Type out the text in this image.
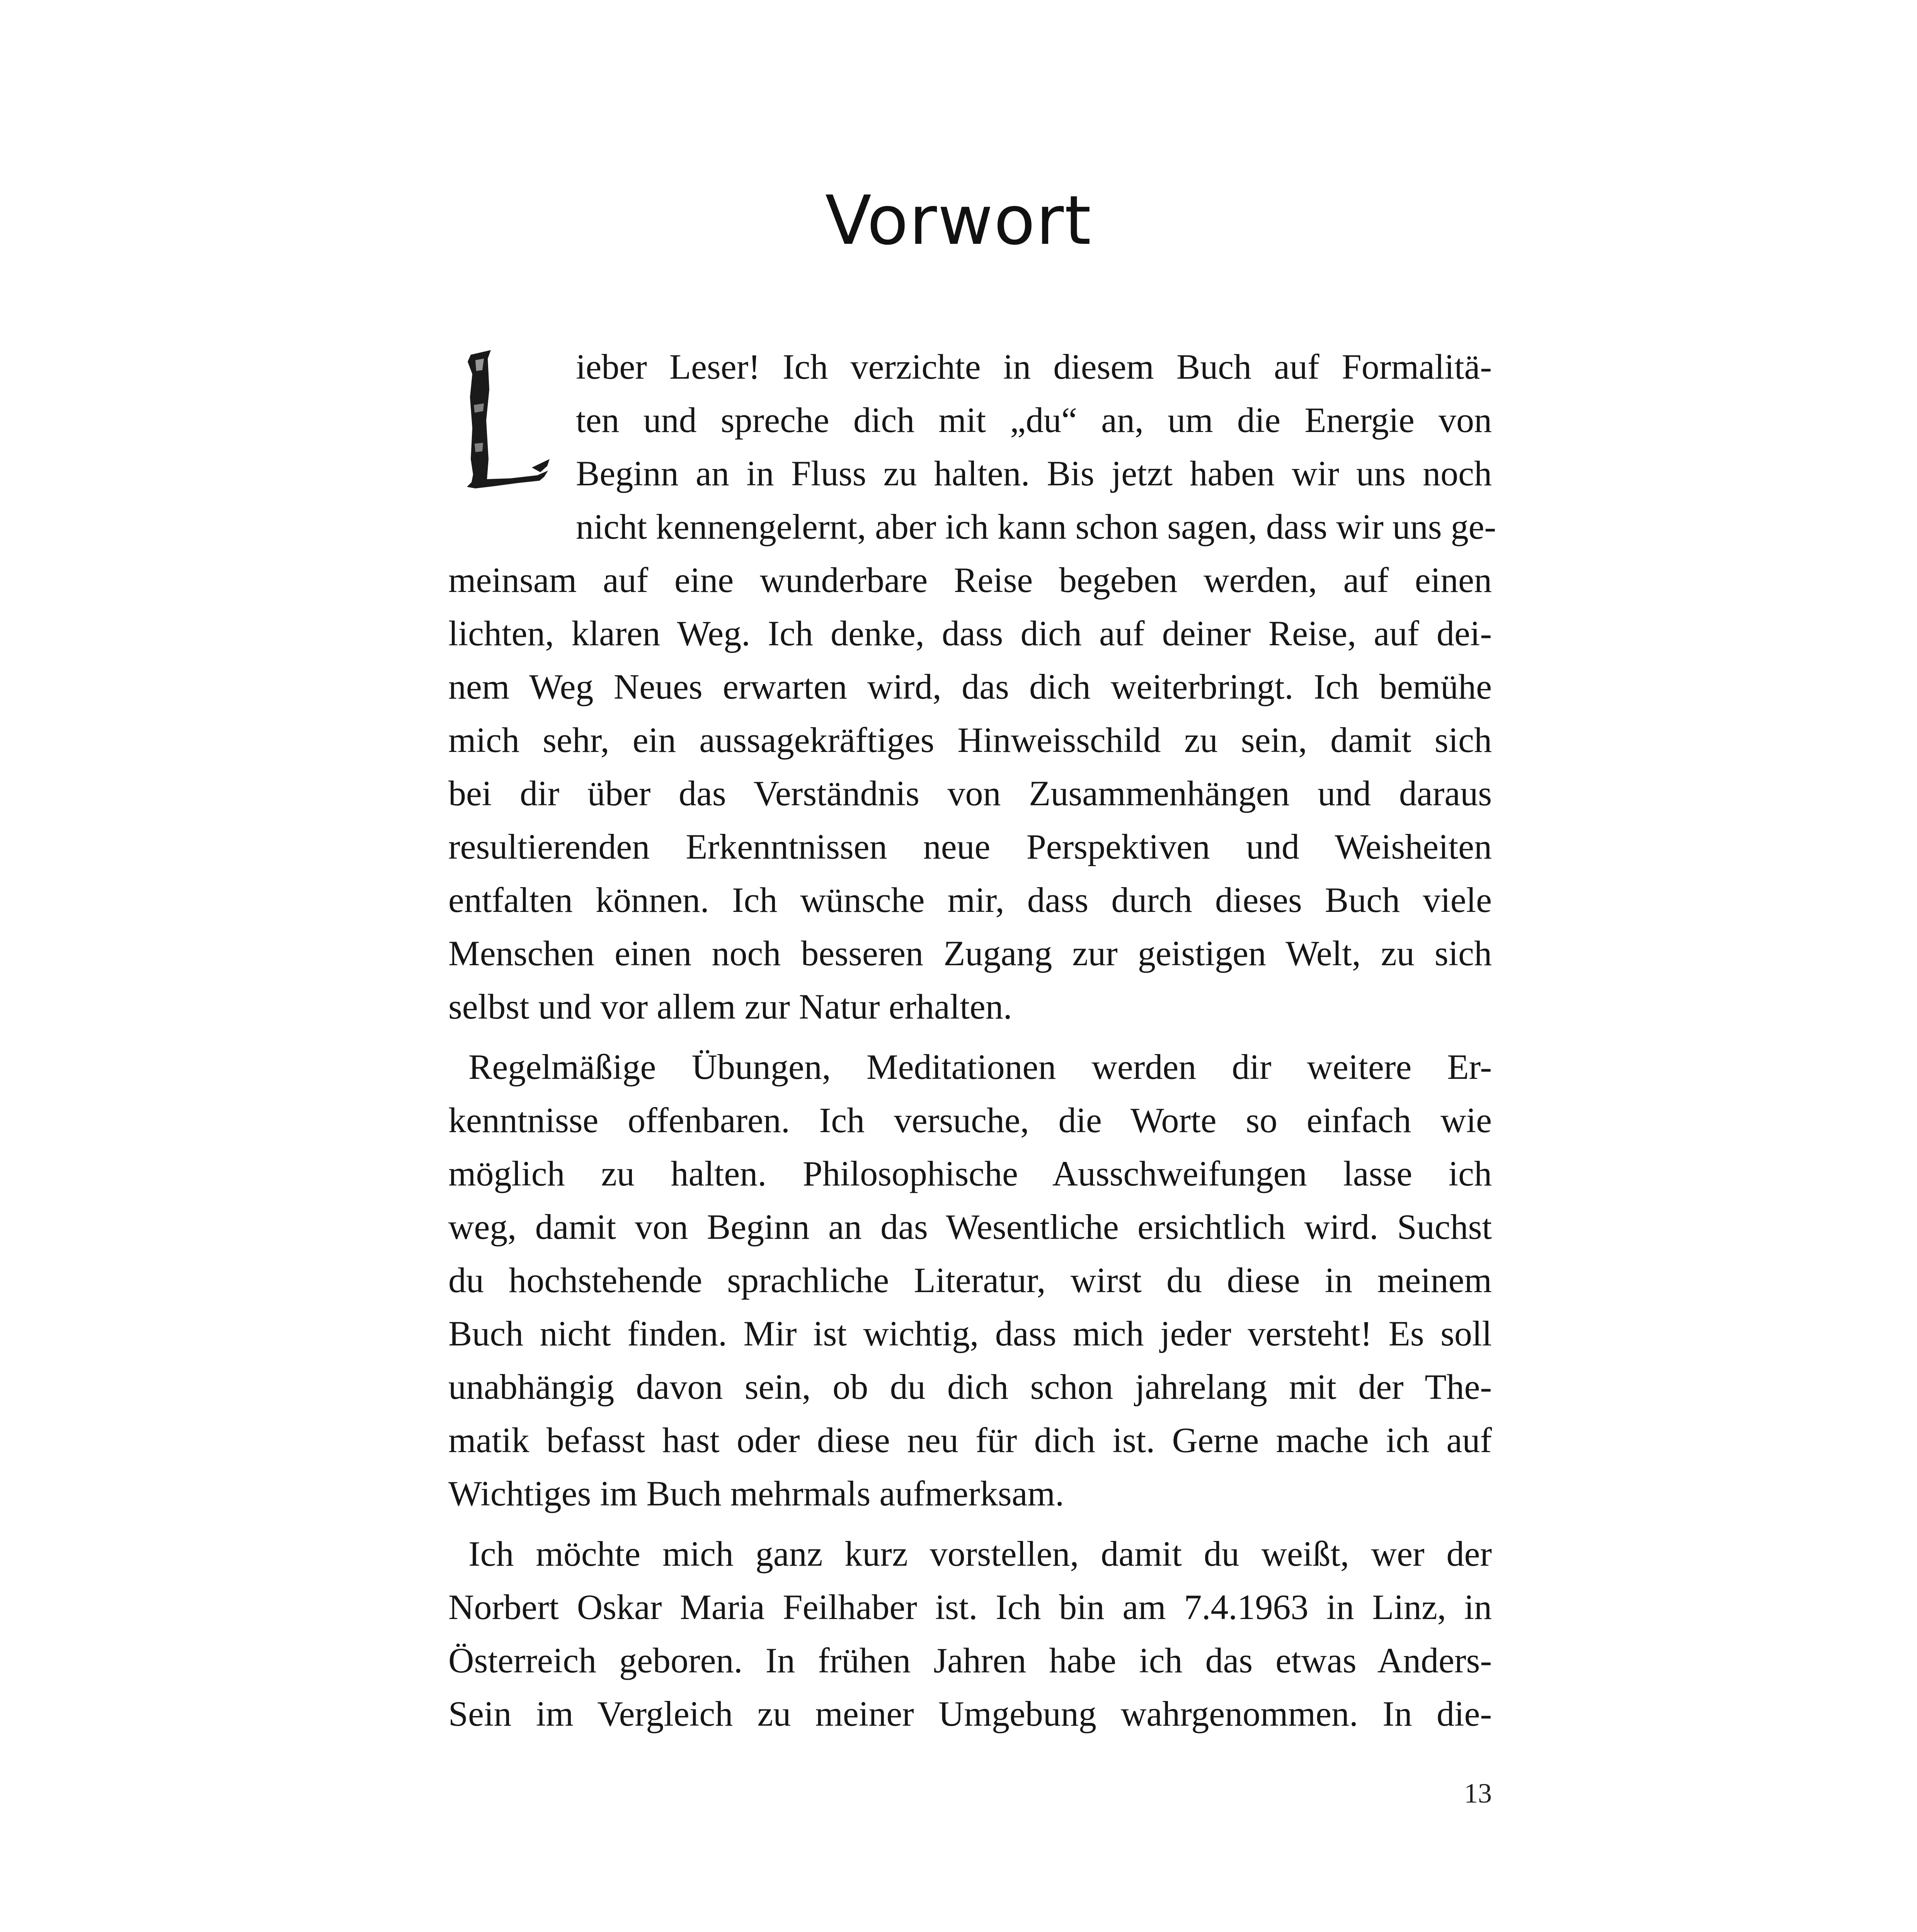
Vorwort
L

ieber Leser! Ich verzichte in diesem Buch auf Formalitä-
ten und spreche dich mit „du“ an, um die Energie von
Beginn an in Fluss zu halten. Bis jetzt haben wir uns noch
nicht kennengelernt, aber ich kann schon sagen, dass wir uns ge-
meinsam auf eine wunderbare Reise begeben werden, auf einen
lichten, klaren Weg. Ich denke, dass dich auf deiner Reise, auf dei-
nem Weg Neues erwarten wird, das dich weiterbringt. Ich bemühe
mich sehr, ein aussagekräftiges Hinweisschild zu sein, damit sich
bei dir über das Verständnis von Zusammenhängen und daraus
resultierenden Erkenntnissen neue Perspektiven und Weisheiten
entfalten können. Ich wünsche mir, dass durch dieses Buch viele
Menschen einen noch besseren Zugang zur geistigen Welt, zu sich
selbst und vor allem zur Natur erhalten.

Regelmäßige Übungen, Meditationen werden dir weitere Er-
kenntnisse offenbaren. Ich versuche, die Worte so einfach wie
möglich zu halten. Philosophische Ausschweifungen lasse ich
weg, damit von Beginn an das Wesentliche ersichtlich wird. Suchst
du hochstehende sprachliche Literatur, wirst du diese in meinem
Buch nicht finden. Mir ist wichtig, dass mich jeder versteht! Es soll
unabhängig davon sein, ob du dich schon jahrelang mit der The-
matik befasst hast oder diese neu für dich ist. Gerne mache ich auf
Wichtiges im Buch mehrmals aufmerksam.

Ich möchte mich ganz kurz vorstellen, damit du weißt, wer der
Norbert Oskar Maria Feilhaber ist. Ich bin am 7.4.1963 in Linz, in
Österreich geboren. In frühen Jahren habe ich das etwas Anders-
Sein im Vergleich zu meiner Umgebung wahrgenommen. In die-

13
